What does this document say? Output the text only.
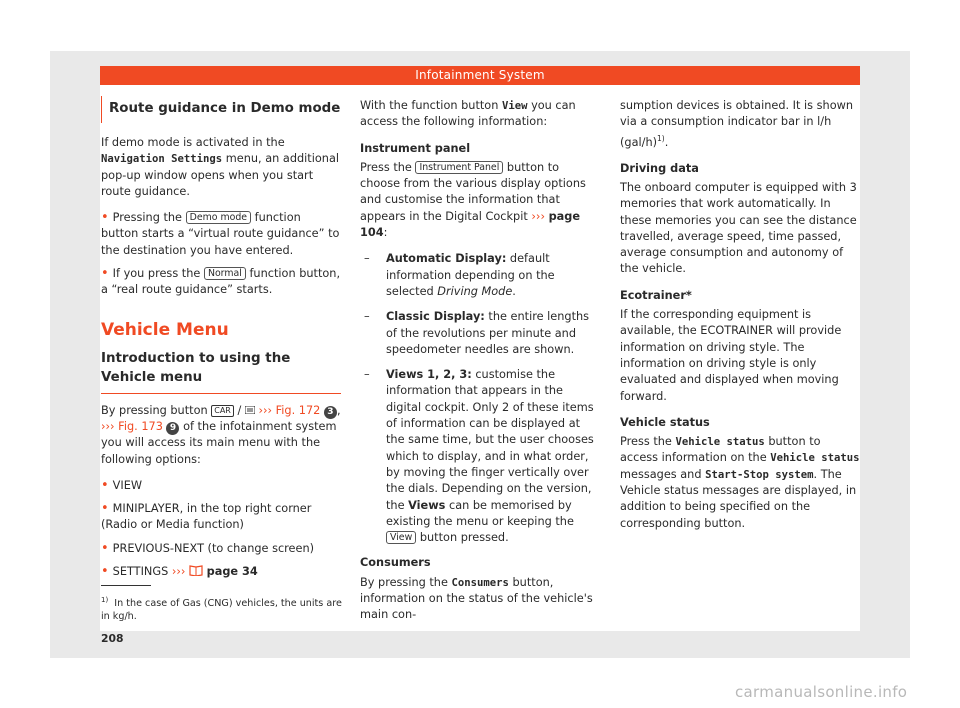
Infotainment System
Route guidance in Demo mode

If demo mode is activated in the Navigation Settings menu, an additional pop-up window opens when you start route guidance.

• Pressing the Demo mode function button starts a “virtual route guidance” to the destination you have entered.

• If you press the Normal function button, a “real route guidance” starts.

Vehicle Menu
Introduction to using the Vehicle menu

By pressing button CAR /  ››› Fig. 172 3 , ››› Fig. 173 9 of the infotainment system you will access its main menu with the following options:

• VIEW

• MINIPLAYER, in the top right corner (Radio or Media function)

• PREVIOUS-NEXT (to change screen)

• SETTINGS ››› page 34

With the function button View you can access the following information:

Instrument panel

Press the Instrument Panel button to choose from the various display options and customise the information that appears in the Digital Cockpit ››› page 104:

– Automatic Display: default information depending on the selected Driving Mode.
– Classic Display: the entire lengths of the revolutions per minute and speedometer needles are shown.
– Views 1, 2, 3: customise the information that appears in the digital cockpit. Only 2 of these items of information can be displayed at the same time, but the user chooses which to display, and in what order, by moving the finger vertically over the dials. Depending on the version, the Views can be memorised by existing the menu or keeping the View button pressed.

Consumers

By pressing the Consumers button, information on the status of the vehicle's main con-

sumption devices is obtained. It is shown via a consumption indicator bar in l/h $(gal/h)^{1)}$.

Driving data

The onboard computer is equipped with 3 memories that work automatically. In these memories you can see the distance travelled, average speed, time passed, average consumption and autonomy of the vehicle.

Ecotrainer*

If the corresponding equipment is available, the ECOTRAINER will provide information on driving style. The information on driving style is only evaluated and displayed when moving forward.

Vehicle status

Press the Vehicle status button to access information on the Vehicle status messages and Start-Stop system. The Vehicle status messages are displayed, in addition to being specified on the corresponding button.

$^{1)}$ In the case of Gas (CNG) vehicles, the units are in kg/h.
208
carmanualsonline.info
